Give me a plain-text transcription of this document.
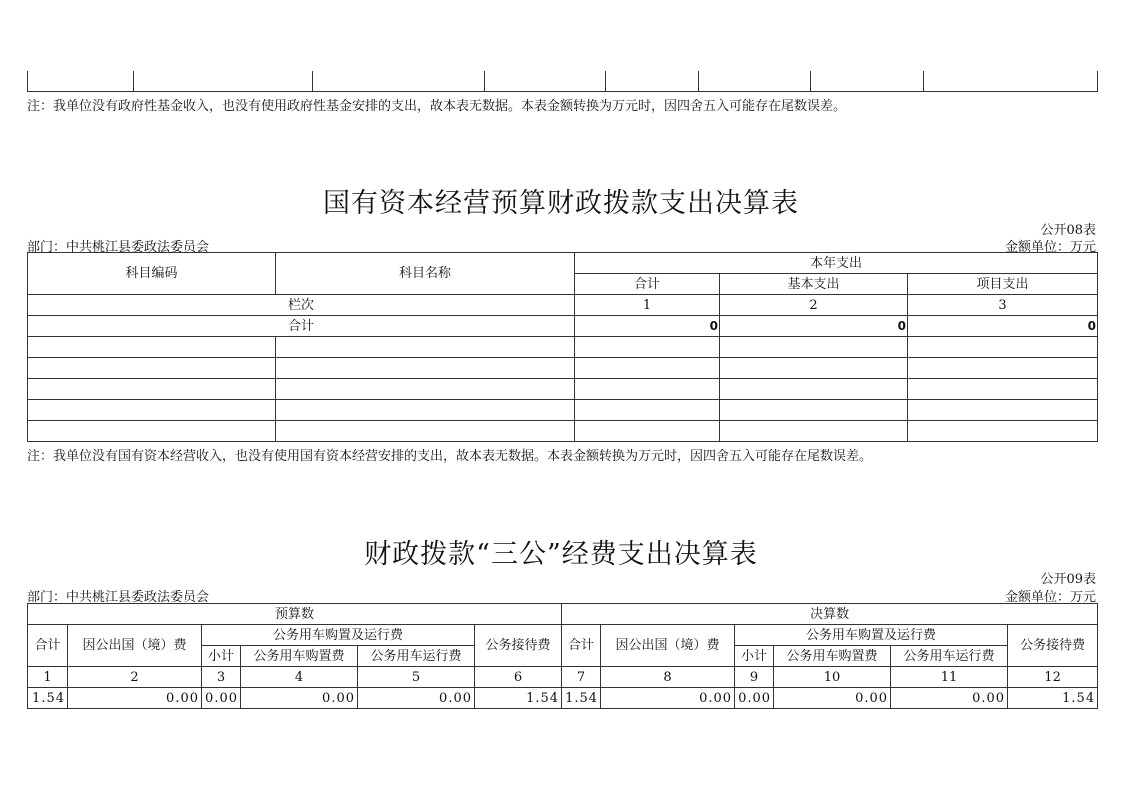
注：我单位没有政府性基金收入，也没有使用政府性基金安排的支出，故本表无数据。本表金额转换为万元时，因四舍五入可能存在尾数误差。
国有资本经营预算财政拨款支出决算表
公开08表
部门：中共桃江县委政法委员会	金额单位：万元
科目编码	科目名称	本年支出		
		合计	基本支出	项目支出
栏次		1	2	3
合计		0	0	0

注：我单位没有国有资本经营收入，也没有使用国有资本经营安排的支出，故本表无数据。本表金额转换为万元时，因四舍五入可能存在尾数误差。
财政拨款“三公”经费支出决算表
公开09表
部门：中共桃江县委政法委员会	金额单位：万元
预算数						决算数					
合计	因公出国（境）费	公务用车购置及运行费			公务接待费	合计	因公出国（境）费	公务用车购置及运行费			公务接待费
		小计	公务用车购置费	公务用车运行费				小计	公务用车购置费	公务用车运行费	
1	2	3	4	5	6	7	8	9	10	11	12
1.54	0.00	0.00	0.00	0.00	1.54	1.54	0.00	0.00	0.00	0.00	1.54
